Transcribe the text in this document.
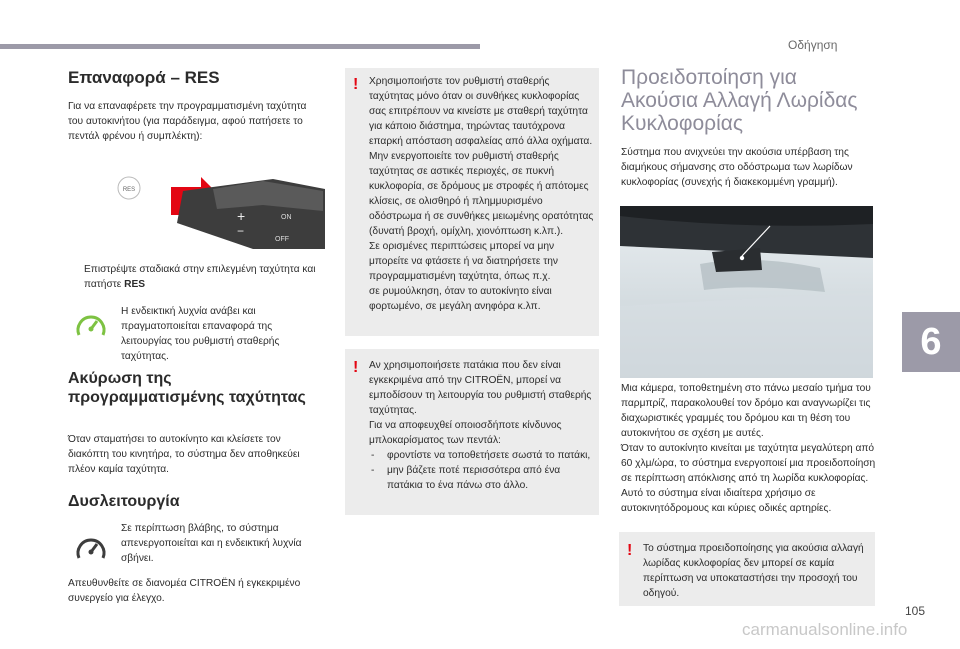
Οδήγηση
6
Επαναφορά – RES

Για να επαναφέρετε την προγραμματισμένη ταχύτητα του αυτοκινήτου (για παράδειγμα, αφού πατήσετε το πεντάλ φρένου ή συμπλέκτη):

RES
+
−
ON
OFF
Επιστρέψτε σταδιακά στην επιλεγμένη ταχύτητα και πατήστε RES

Η ενδεικτική λυχνία ανάβει και πραγματοποιείται επαναφορά της λειτουργίας του ρυθμιστή σταθερής ταχύτητας.

Ακύρωση της προγραμματισμένης ταχύτητας

Όταν σταματήσει το αυτοκίνητο και κλείσετε τον διακόπτη του κινητήρα, το σύστημα δεν αποθηκεύει πλέον καμία ταχύτητα.

Δυσλειτουργία

Σε περίπτωση βλάβης, το σύστημα απενεργοποιείται και η ενδεικτική λυχνία σβήνει.

Απευθυνθείτε σε διανομέα CITROËN ή εγκεκριμένο συνεργείο για έλεγχο.

! Χρησιμοποιήστε τον ρυθμιστή σταθερής ταχύτητας μόνο όταν οι συνθήκες κυκλοφορίας σας επιτρέπουν να κινείστε με σταθερή ταχύτητα για κάποιο διάστημα, τηρώντας ταυτόχρονα επαρκή απόσταση ασφαλείας από άλλα οχήματα.
Μην ενεργοποιείτε τον ρυθμιστή σταθερής ταχύτητας σε αστικές περιοχές, σε πυκνή κυκλοφορία, σε δρόμους με στροφές ή απότομες κλίσεις, σε ολισθηρό ή πλημμυρισμένο οδόστρωμα ή σε συνθήκες μειωμένης ορατότητας (δυνατή βροχή, ομίχλη, χιονόπτωση κ.λπ.).
Σε ορισμένες περιπτώσεις μπορεί να μην μπορείτε να φτάσετε ή να διατηρήσετε την προγραμματισμένη ταχύτητα, όπως π.χ.
σε ρυμούλκηση, όταν το αυτοκίνητο είναι φορτωμένο, σε μεγάλη ανηφόρα κ.λπ.
! Αν χρησιμοποιήσετε πατάκια που δεν είναι εγκεκριμένα από την CITROËN, μπορεί να εμποδίσουν τη λειτουργία του ρυθμιστή σταθερής ταχύτητας.
Για να αποφευχθεί οποιοσδήποτε κίνδυνος μπλοκαρίσματος των πεντάλ:
- φροντίστε να τοποθετήσετε σωστά το πατάκι,
- μην βάζετε ποτέ περισσότερα από ένα πατάκια το ένα πάνω στο άλλο.
Προειδοποίηση για Ακούσια Αλλαγή Λωρίδας Κυκλοφορίας

Σύστημα που ανιχνεύει την ακούσια υπέρβαση της διαμήκους σήμανσης στο οδόστρωμα των λωρίδων κυκλοφορίας (συνεχής ή διακεκομμένη γραμμή).

Μια κάμερα, τοποθετημένη στο πάνω μεσαίο τμήμα του παρμπρίζ, παρακολουθεί τον δρόμο και αναγνωρίζει τις διαχωριστικές γραμμές του δρόμου και τη θέση του αυτοκινήτου σε σχέση με αυτές.
Όταν το αυτοκίνητο κινείται με ταχύτητα μεγαλύτερη από 60 χλμ/ώρα, το σύστημα ενεργοποιεί μια προειδοποίηση σε περίπτωση απόκλισης από τη λωρίδα κυκλοφορίας.
Αυτό το σύστημα είναι ιδιαίτερα χρήσιμο σε αυτοκινητόδρομους και κύριες οδικές αρτηρίες.

! Το σύστημα προειδοποίησης για ακούσια αλλαγή λωρίδας κυκλοφορίας δεν μπορεί σε καμία περίπτωση να υποκαταστήσει την προσοχή του οδηγού.
105
carmanualsonline.info
